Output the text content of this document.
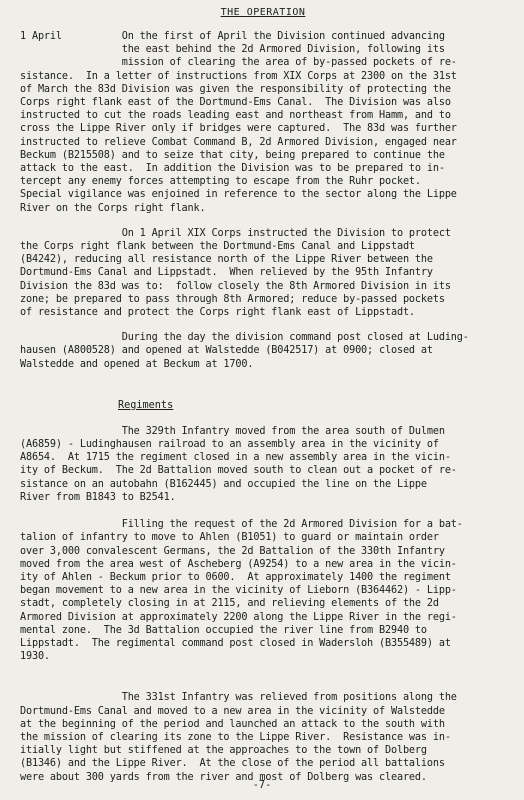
THE OPERATION
1 April          On the first of April the Division continued advancing
the east behind the 2d Armored Division, following its
mission of clearing the area of by-passed pockets of re-
sistance.  In a letter of instructions from XIX Corps at 2300 on the 31st
of March the 83d Division was given the responsibility of protecting the
Corps right flank east of the Dortmund-Ems Canal.  The Division was also
instructed to cut the roads leading east and northeast from Hamm, and to
cross the Lippe River only if bridges were captured.  The 83d was further
instructed to relieve Combat Command B, 2d Armored Division, engaged near
Beckum (B215508) and to seize that city, being prepared to continue the
attack to the east.  In addition the Division was to be prepared to in-
tercept any enemy forces attempting to escape from the Ruhr pocket.
Special vigilance was enjoined in reference to the sector along the Lippe
River on the Corps right flank.
On 1 April XIX Corps instructed the Division to protect
the Corps right flank between the Dortmund-Ems Canal and Lippstadt
(B4242), reducing all resistance north of the Lippe River between the
Dortmund-Ems Canal and Lippstadt.  When relieved by the 95th Infantry
Division the 83d was to:  follow closely the 8th Armored Division in its
zone; be prepared to pass through 8th Armored; reduce by-passed pockets
of resistance and protect the Corps right flank east of Lippstadt.
During the day the division command post closed at Luding-
hausen (A800528) and opened at Walstedde (B042517) at 0900; closed at
Walstedde and opened at Beckum at 1700.
Regiments
The 329th Infantry moved from the area south of Dulmen
(A6859) - Ludinghausen railroad to an assembly area in the vicinity of
A8654.  At 1715 the regiment closed in a new assembly area in the vicin-
ity of Beckum.  The 2d Battalion moved south to clean out a pocket of re-
sistance on an autobahn (B162445) and occupied the line on the Lippe
River from B1843 to B2541.
Filling the request of the 2d Armored Division for a bat-
talion of infantry to move to Ahlen (B1051) to guard or maintain order
over 3,000 convalescent Germans, the 2d Battalion of the 330th Infantry
moved from the area west of Ascheberg (A9254) to a new area in the vicin-
ity of Ahlen - Beckum prior to 0600.  At approximately 1400 the regiment
began movement to a new area in the vicinity of Lieborn (B364462) - Lipp-
stadt, completely closing in at 2115, and relieving elements of the 2d
Armored Division at approximately 2200 along the Lippe River in the regi-
mental zone.  The 3d Battalion occupied the river line from B2940 to
Lippstadt.  The regimental command post closed in Wadersloh (B355489) at
1930.
The 331st Infantry was relieved from positions along the
Dortmund-Ems Canal and moved to a new area in the vicinity of Walstedde
at the beginning of the period and launched an attack to the south with
the mission of clearing its zone to the Lippe River.  Resistance was in-
itially light but stiffened at the approaches to the town of Dolberg
(B1346) and the Lippe River.  At the close of the period all battalions
were about 300 yards from the river and most of Dolberg was cleared.
-7-
